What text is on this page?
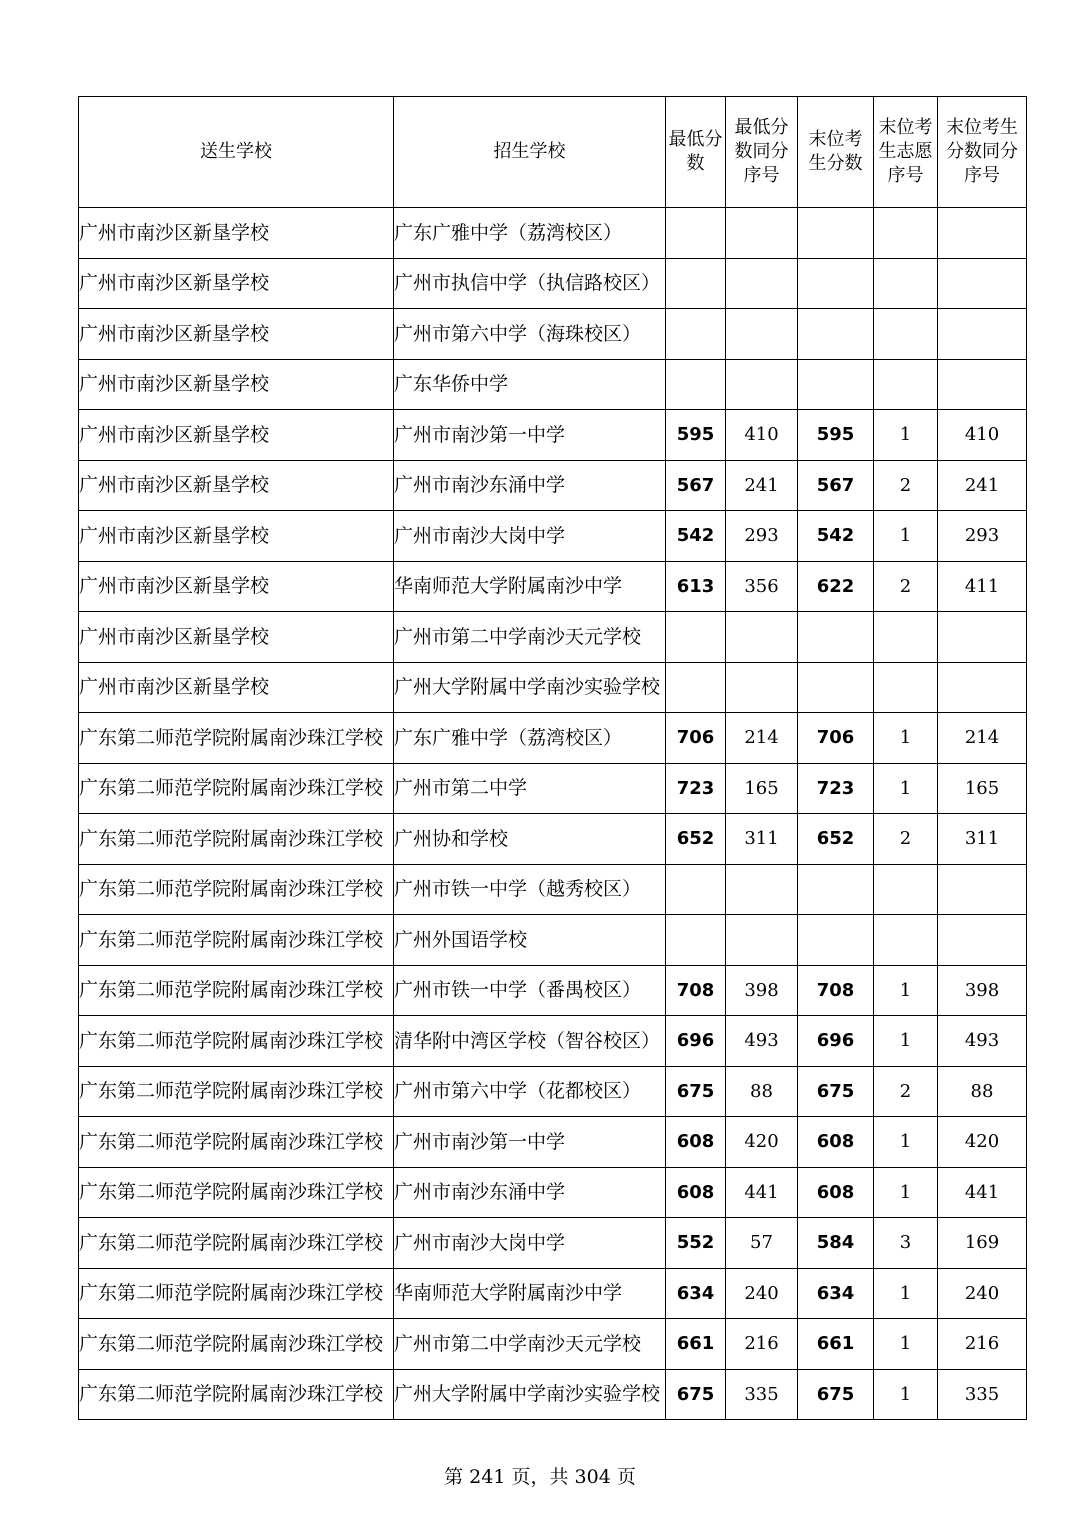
送生学校	招生学校	最低分数	最低分数同分序号	末位考生分数	末位考生志愿序号	末位考生分数同分序号
广州市南沙区新垦学校	广东广雅中学（荔湾校区）					
广州市南沙区新垦学校	广州市执信中学（执信路校区）					
广州市南沙区新垦学校	广州市第六中学（海珠校区）					
广州市南沙区新垦学校	广东华侨中学					
广州市南沙区新垦学校	广州市南沙第一中学	595	410	595	1	410
广州市南沙区新垦学校	广州市南沙东涌中学	567	241	567	2	241
广州市南沙区新垦学校	广州市南沙大岗中学	542	293	542	1	293
广州市南沙区新垦学校	华南师范大学附属南沙中学	613	356	622	2	411
广州市南沙区新垦学校	广州市第二中学南沙天元学校					
广州市南沙区新垦学校	广州大学附属中学南沙实验学校					
广东第二师范学院附属南沙珠江学校	广东广雅中学（荔湾校区）	706	214	706	1	214
广东第二师范学院附属南沙珠江学校	广州市第二中学	723	165	723	1	165
广东第二师范学院附属南沙珠江学校	广州协和学校	652	311	652	2	311
广东第二师范学院附属南沙珠江学校	广州市铁一中学（越秀校区）					
广东第二师范学院附属南沙珠江学校	广州外国语学校					
广东第二师范学院附属南沙珠江学校	广州市铁一中学（番禺校区）	708	398	708	1	398
广东第二师范学院附属南沙珠江学校	清华附中湾区学校（智谷校区）	696	493	696	1	493
广东第二师范学院附属南沙珠江学校	广州市第六中学（花都校区）	675	88	675	2	88
广东第二师范学院附属南沙珠江学校	广州市南沙第一中学	608	420	608	1	420
广东第二师范学院附属南沙珠江学校	广州市南沙东涌中学	608	441	608	1	441
广东第二师范学院附属南沙珠江学校	广州市南沙大岗中学	552	57	584	3	169
广东第二师范学院附属南沙珠江学校	华南师范大学附属南沙中学	634	240	634	1	240
广东第二师范学院附属南沙珠江学校	广州市第二中学南沙天元学校	661	216	661	1	216
广东第二师范学院附属南沙珠江学校	广州大学附属中学南沙实验学校	675	335	675	1	335
第 241 页，共 304 页
